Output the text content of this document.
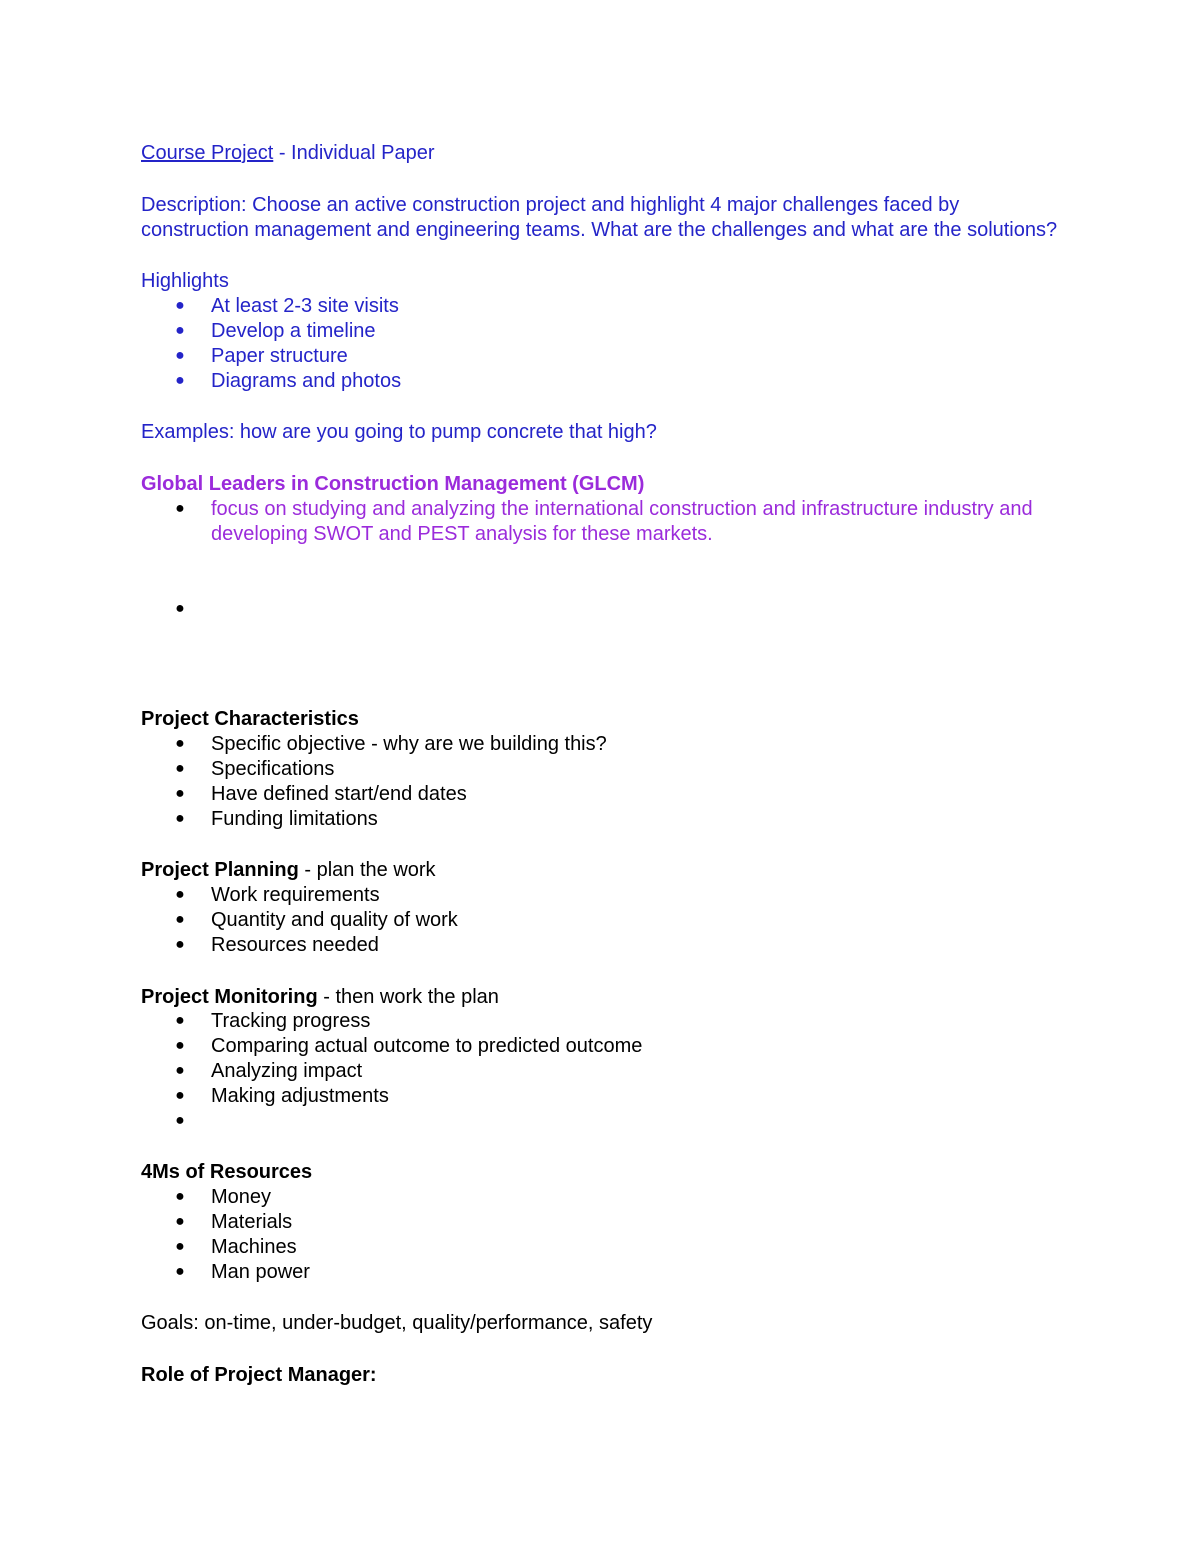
Course Project - Individual Paper

Description: Choose an active construction project and highlight 4 major challenges faced by construction management and engineering teams. What are the challenges and what are the solutions?

Highlights

● At least 2-3 site visits
● Develop a timeline
● Paper structure
● Diagrams and photos

Examples: how are you going to pump concrete that high?

Global Leaders in Construction Management (GLCM)

● focus on studying and analyzing the international construction and infrastructure industry and developing SWOT and PEST analysis for these markets.
●

Project Characteristics

● Specific objective - why are we building this?
● Specifications
● Have defined start/end dates
● Funding limitations

Project Planning - plan the work

● Work requirements
● Quantity and quality of work
● Resources needed

Project Monitoring - then work the plan

● Tracking progress
● Comparing actual outcome to predicted outcome
● Analyzing impact
● Making adjustments
●

4Ms of Resources

● Money
● Materials
● Machines
● Man power

Goals: on-time, under-budget, quality/performance, safety

Role of Project Manager:
